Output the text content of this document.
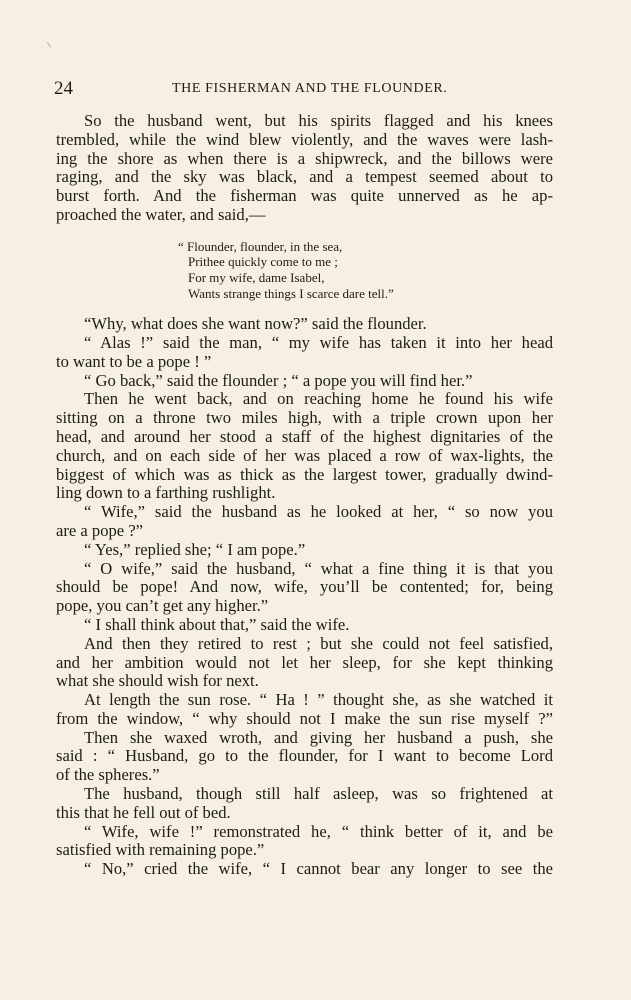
24	THE FISHERMAN AND THE FLOUNDER.
So the husband went, but his spirits flagged and his knees
trembled, while the wind blew violently, and the waves were lash-
ing the shore as when there is a shipwreck, and the billows were
raging, and the sky was black, and a tempest seemed about to
burst forth. And the fisherman was quite unnerved as he ap-
proached the water, and said,—
“ Flounder, flounder, in the sea,
Prithee quickly come to me ;
For my wife, dame Isabel,
Wants strange things I scarce dare tell.”
“Why, what does she want now?” said the flounder.
“ Alas !” said the man, “ my wife has taken it into her head
to want to be a pope ! ”
“ Go back,” said the flounder ; “ a pope you will find her.”
Then he went back, and on reaching home he found his wife
sitting on a throne two miles high, with a triple crown upon her
head, and around her stood a staff of the highest dignitaries of the
church, and on each side of her was placed a row of wax-lights, the
biggest of which was as thick as the largest tower, gradually dwind-
ling down to a farthing rushlight.
“ Wife,” said the husband as he looked at her, “ so now you
are a pope ?”
“ Yes,” replied she; “ I am pope.”
“ O wife,” said the husband, “ what a fine thing it is that you
should be pope! And now, wife, you’ll be contented; for, being
pope, you can’t get any higher.”
“ I shall think about that,” said the wife.
And then they retired to rest ; but she could not feel satisfied,
and her ambition would not let her sleep, for she kept thinking
what she should wish for next.
At length the sun rose. “ Ha ! ” thought she, as she watched it
from the window, “ why should not I make the sun rise myself ?”
Then she waxed wroth, and giving her husband a push, she
said : “ Husband, go to the flounder, for I want to become Lord
of the spheres.”
The husband, though still half asleep, was so frightened at
this that he fell out of bed.
“ Wife, wife !” remonstrated he, “ think better of it, and be
satisfied with remaining pope.”
“ No,” cried the wife, “ I cannot bear any longer to see the
